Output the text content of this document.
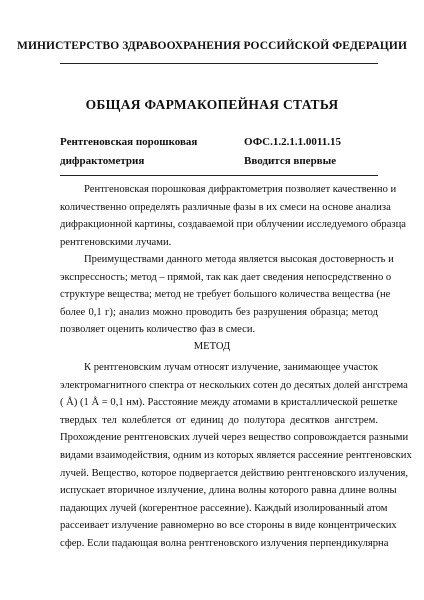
МИНИСТЕРСТВО ЗДРАВООХРАНЕНИЯ РОССИЙСКОЙ ФЕДЕРАЦИИ
ОБЩАЯ ФАРМАКОПЕЙНАЯ СТАТЬЯ
Рентгеновская порошковая
дифрактометрия
ОФС.1.2.1.1.0011.15
Вводится впервые
Рентгеновская порошковая дифрактометрия позволяет качественно и
количественно определять различные фазы в их смеси на основе анализа
дифракционной картины, создаваемой при облучении исследуемого образца
рентгеновскими лучами.
Преимуществами данного метода является высокая достоверность и
экспрессность; метод – прямой, так как дает сведения непосредственно о
структуре вещества; метод не требует большого количества вещества (не
более 0,1 г); анализ можно проводить без разрушения образца; метод
позволяет оценить количество фаз в смеси.
МЕТОД
К рентгеновским лучам относят излучение, занимающее участок
электромагнитного спектра от нескольких сотен до десятых долей ангстрема
( Å) (1 Å = 0,1 нм). Расстояние между атомами в кристаллической решетке
твердых тел колеблется от единиц до полутора десятков ангстрем.
Прохождение рентгеновских лучей через вещество сопровождается разными
видами взаимодействия, одним из которых является рассеяние рентгеновских
лучей. Вещество, которое подвергается действию рентгеновского излучения,
испускает вторичное излучение, длина волны которого равна длине волны
падающих лучей (когерентное рассеяние). Каждый изолированный атом
рассеивает излучение равномерно во все стороны в виде концентрических
сфер. Если падающая волна рентгеновского излучения перпендикулярна
